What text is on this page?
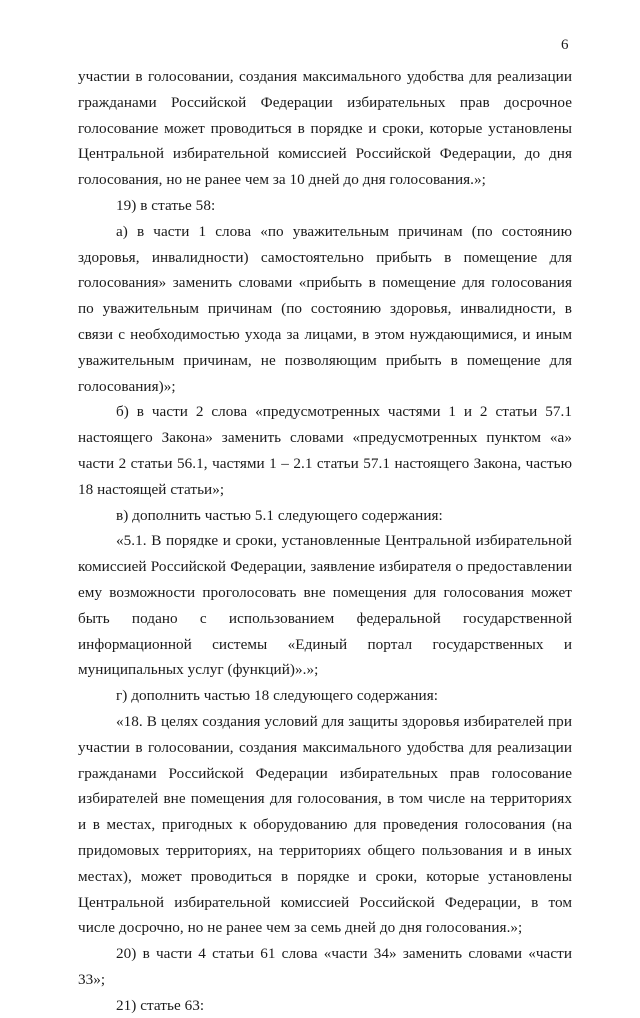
6

участии в голосовании, создания максимального удобства для реализации гражданами Российской Федерации избирательных прав досрочное голосование может проводиться в порядке и сроки, которые установлены Центральной избирательной комиссией Российской Федерации, до дня голосования, но не ранее чем за 10 дней до дня голосования.»;

19) в статье 58:

а) в части 1 слова «по уважительным причинам (по состоянию здоровья, инвалидности) самостоятельно прибыть в помещение для голосования» заменить словами «прибыть в помещение для голосования по уважительным причинам (по состоянию здоровья, инвалидности, в связи с необходимостью ухода за лицами, в этом нуждающимися, и иным уважительным причинам, не позволяющим прибыть в помещение для голосования)»;

б) в части 2 слова «предусмотренных частями 1 и 2 статьи 57.1 настоящего Закона» заменить словами «предусмотренных пунктом «а» части 2 статьи 56.1, частями 1 – 2.1 статьи 57.1 настоящего Закона, частью 18 настоящей статьи»;

в) дополнить частью 5.1 следующего содержания:

«5.1. В порядке и сроки, установленные Центральной избирательной комиссией Российской Федерации, заявление избирателя о предоставлении ему возможности проголосовать вне помещения для голосования может быть подано с использованием федеральной государственной информационной системы «Единый портал государственных и муниципальных услуг (функций)».»;

г) дополнить частью 18 следующего содержания:

«18. В целях создания условий для защиты здоровья избирателей при участии в голосовании, создания максимального удобства для реализации гражданами Российской Федерации избирательных прав голосование избирателей вне помещения для голосования, в том числе на территориях и в местах, пригодных к оборудованию для проведения голосования (на придомовых территориях, на территориях общего пользования и в иных местах), может проводиться в порядке и сроки, которые установлены Центральной избирательной комиссией Российской Федерации, в том числе досрочно, но не ранее чем за семь дней до дня голосования.»;

20) в части 4 статьи 61 слова «части 34» заменить словами «части 33»;

21) статье 63:
